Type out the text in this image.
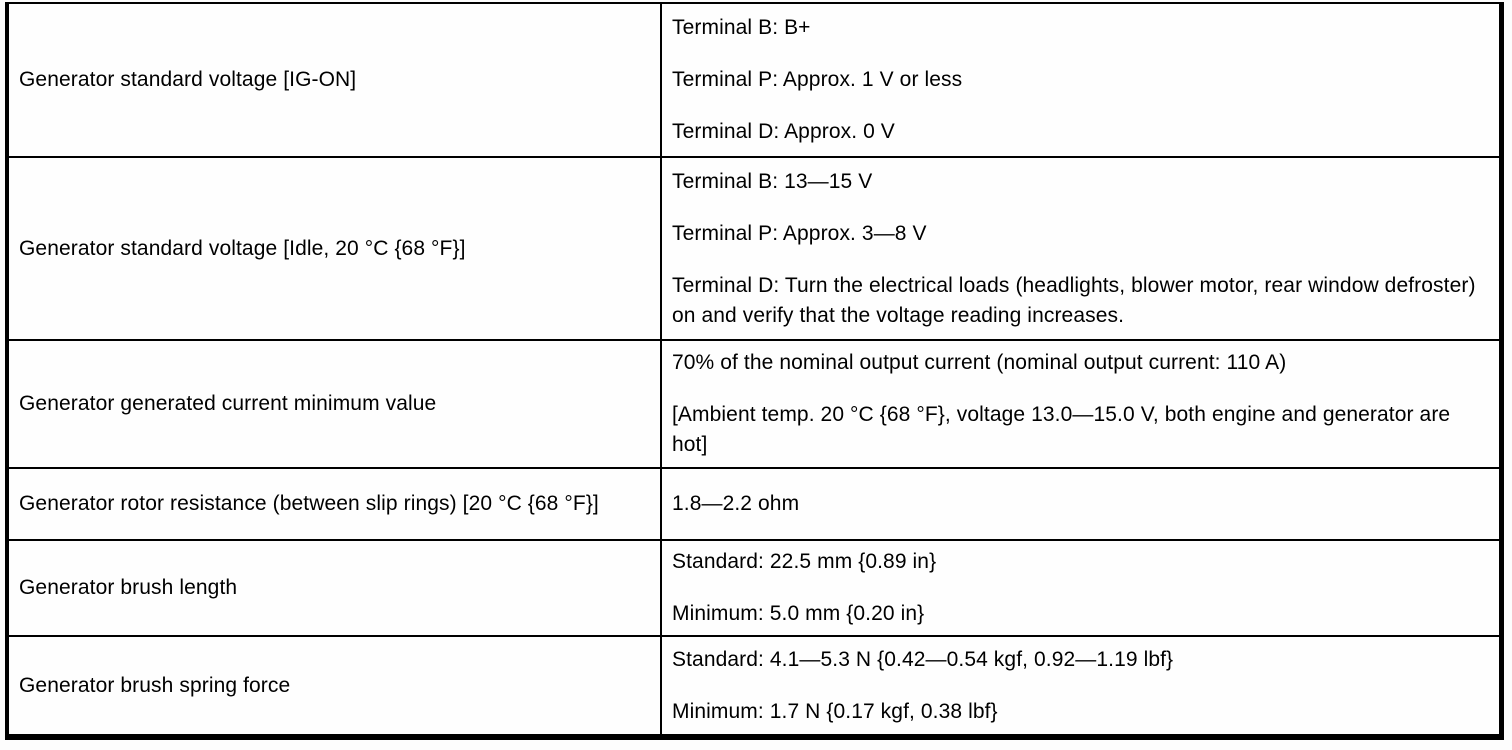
Generator standard voltage [IG-ON]

Terminal B: B+

Terminal P: Approx. 1 V or less

Terminal D: Approx. 0 V

Generator standard voltage [Idle, 20 °C {68 °F}]

Terminal B: 13—15 V

Terminal P: Approx. 3—8 V

Terminal D: Turn the electrical loads (headlights, blower motor, rear window defroster) on and verify that the voltage reading increases.

Generator generated current minimum value

70% of the nominal output current (nominal output current: 110 A)

[Ambient temp. 20 °C {68 °F}, voltage 13.0—15.0 V, both engine and generator are hot]

Generator rotor resistance (between slip rings) [20 °C {68 °F}]	1.8—2.2 ohm

Generator brush length

Standard: 22.5 mm {0.89 in}

Minimum: 5.0 mm {0.20 in}

Generator brush spring force

Standard: 4.1—5.3 N {0.42—0.54 kgf, 0.92—1.19 lbf}

Minimum: 1.7 N {0.17 kgf, 0.38 lbf}
